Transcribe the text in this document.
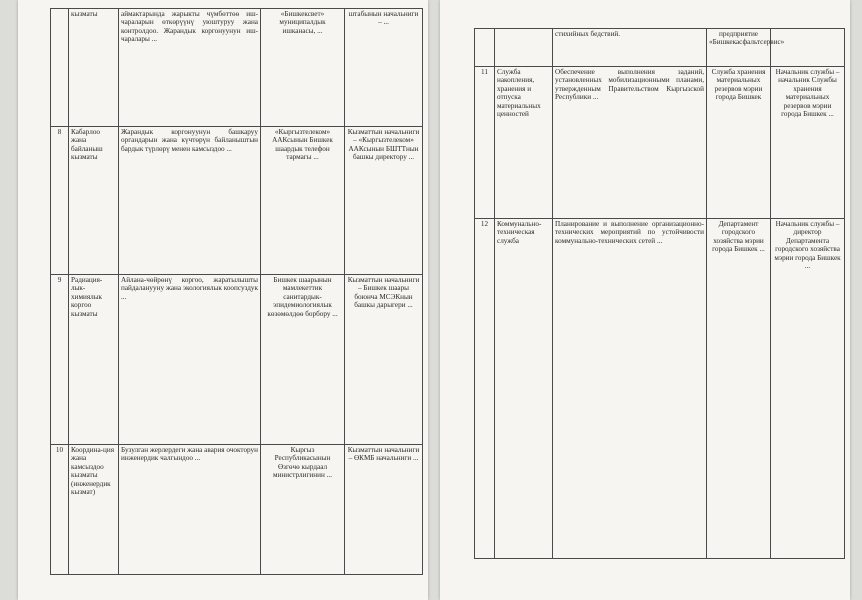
	кызматы	аймактарында жарыкты чүмбөттөө иш-чараларын өткөрүүнү уюштуруу жана контролдоо. Жарандык коргонуунун иш-чаралары ...	«Бишкексвет» муниципалдык ишканасы, ...	штабынын начальниги – ...
8	Кабарлоо жана байланыш кызматы	Жарандык коргонуунун башкаруу органдарын жана күчтөрүн байланыштын бардык түрлөрү менен камсыздоо ...	«Кыргызтелеком» ААКсынын Бишкек шаардык телефон тармагы ...	Кызматтын начальниги – «Кыргызтелеком» ААКсынын БШТТнын башкы директору ...
9	Радиация-лык-химиялык коргоо кызматы	Айлана-чөйрөнү коргоо, жаратылышты пайдаланууну жана экологиялык коопсуздук ...	Бишкек шаарынын мамлекеттик санитардык-эпидемиологиялык көзөмөлдөө борбору ...	Кызматтын начальниги – Бишкек шаары боюнча МСЭКнын башкы дарыгери ...
10	Координа-ция жана камсыздоо кызматы (инженердик кызмат)	Бузулган жерлердеги жана авария очокторун инженердик чалгындоо ...	Кыргыз Республикасынын Өзгөчө кырдаал министрлигинин ...	Кызматтын начальниги – ӨКМБ начальниги ...
		стихийных бедствий.	предприятие «Бишкекасфальтсервис»	
11	Служба накопления, хранения и отпуска материальных ценностей	Обеспечение выполнения заданий, установленных мобилизационными планами, утвержденным Правительством Кыргызской Республики ...	Служба хранения материальных резервов мэрии города Бишкек	Начальник службы – начальник Службы хранения материальных резервов мэрии города Бишкек ...
12	Коммунально-техническая служба	Планирование и выполнение организационно-технических мероприятий по устойчивости коммунально-технических сетей ...	Департамент городского хозяйства мэрии города Бишкек ...	Начальник службы – директор Департамента городского хозяйства мэрии города Бишкек ...
